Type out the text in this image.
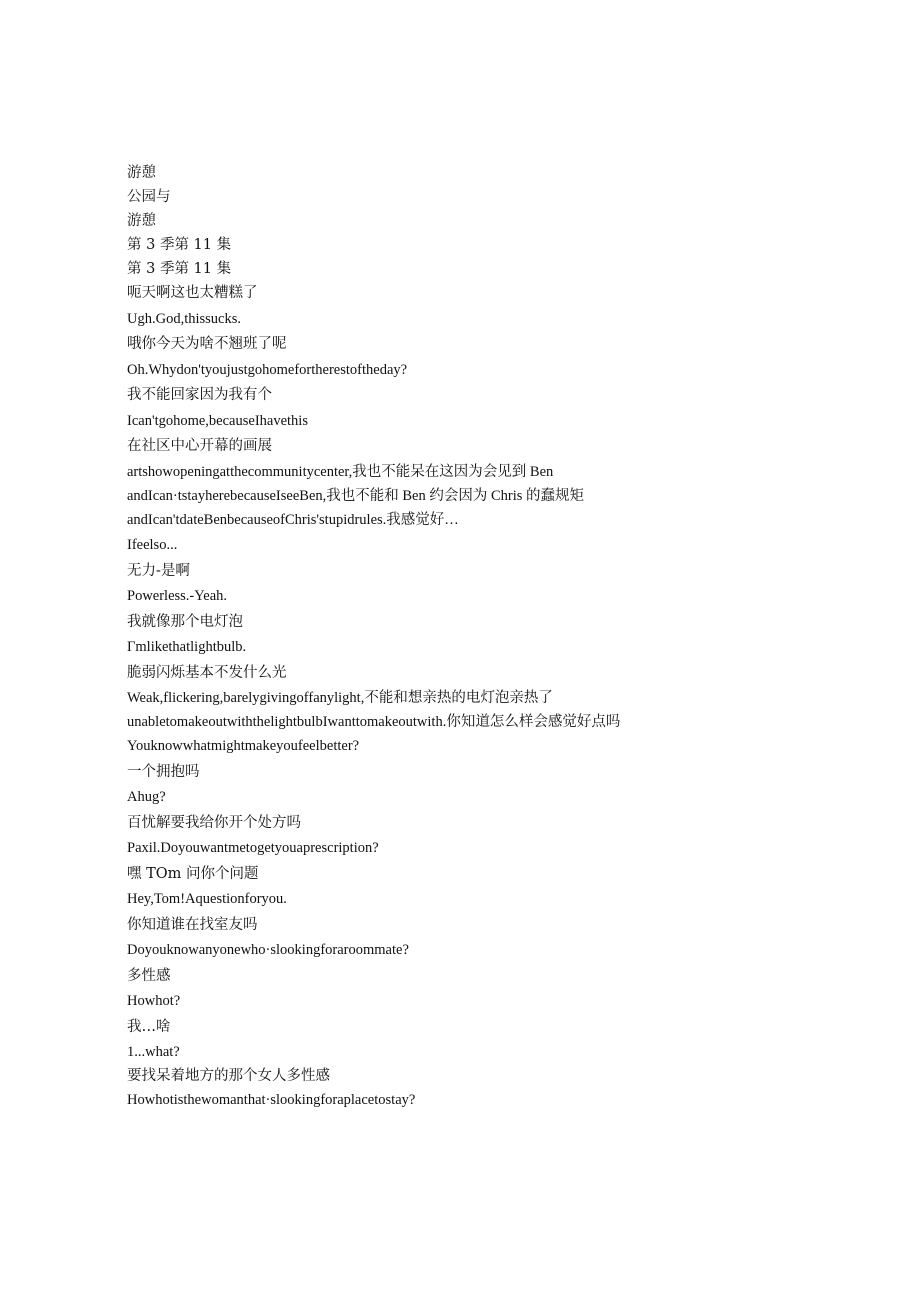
游憩
公园与
游憩
第 3 季第 11 集
第 3 季第 11 集
呃天啊这也太糟糕了
Ugh.God,thissucks.
哦你今天为啥不翘班了呢
Oh.Whydon'tyoujustgohomefortherestoftheday?
我不能回家因为我有个
Ican'tgohome,becauseIhavethis
在社区中心开幕的画展
artshowopeningatthecommunitycenter,我也不能呆在这因为会见到 Ben
andIcan·tstayherebecauseIseeBen,我也不能和 Ben 约会因为 Chris 的蠢规矩
andIcan'tdateBenbecauseofChris'stupidrules.我感觉好…
Ifeelso...
无力-是啊
Powerless.-Yeah.
我就像那个电灯泡
Γmlikethatlightbulb.
脆弱闪烁基本不发什么光
Weak,flickering,barelygivingoffanylight,不能和想亲热的电灯泡亲热了
unabletomakeoutwiththelightbulbIwanttomakeoutwith.你知道怎么样会感觉好点吗
Youknowwhatmightmakeyoufeelbetter?
一个拥抱吗
Ahug?
百忧解要我给你开个处方吗
Paxil.Doyouwantmetogetyouaprescription?
嘿 TOm 问你个问题
Hey,Tom!Aquestionforyou.
你知道谁在找室友吗
Doyouknowanyonewho·slookingforaroommate?
多性感
Howhot?
我…啥
1...what?
要找呆着地方的那个女人多性感
Howhotisthewomanthat·slookingforaplacetostay?
